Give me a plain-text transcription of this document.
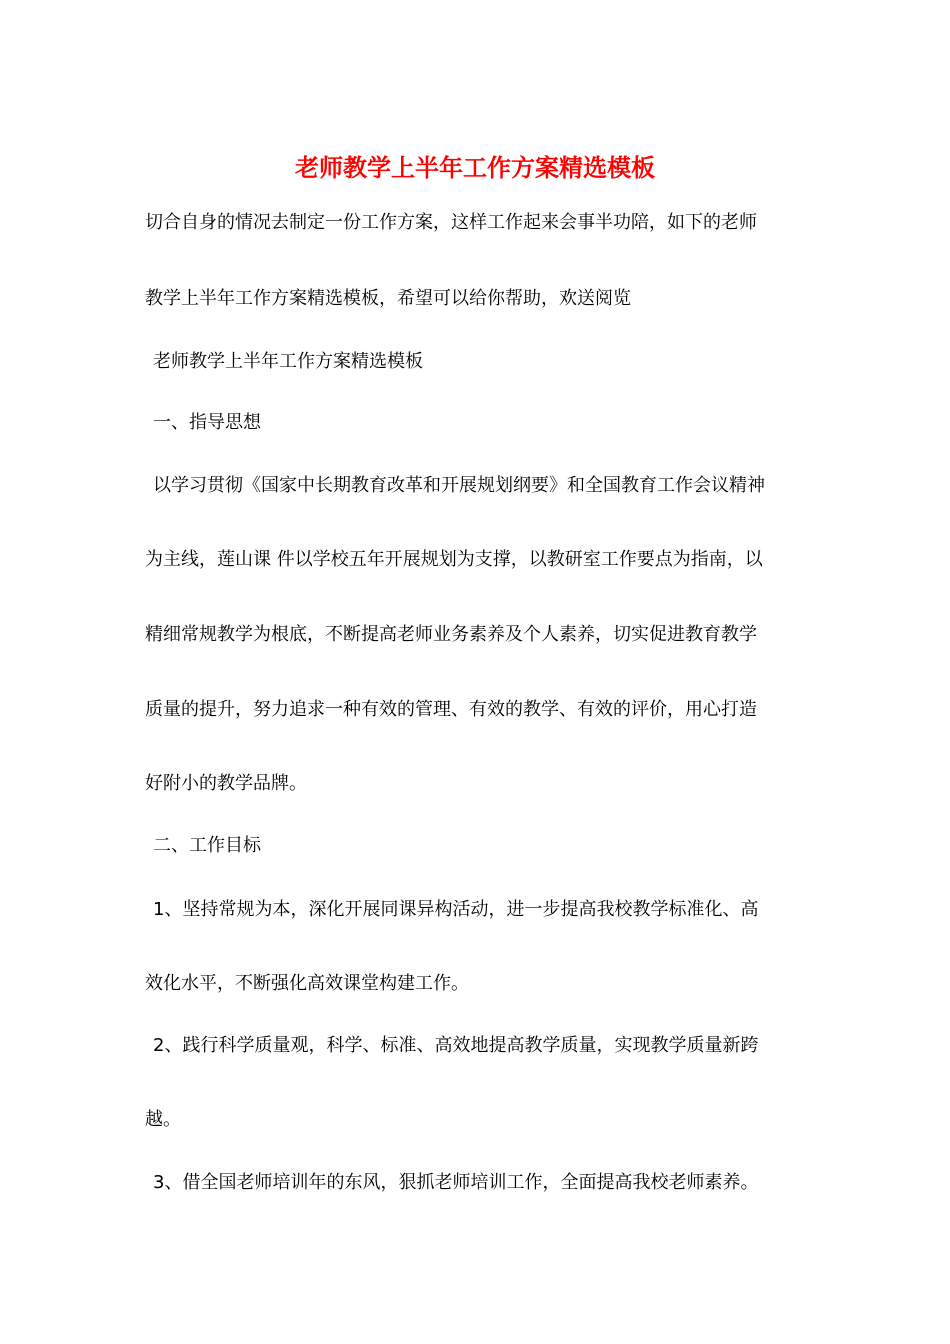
老师教学上半年工作方案精选模板
切合自身的情况去制定一份工作方案，这样工作起来会事半功陪，如下的老师
教学上半年工作方案精选模板，希望可以给你帮助，欢送阅览
老师教学上半年工作方案精选模板
一、指导思想
以学习贯彻《国家中长期教育改革和开展规划纲要》和全国教育工作会议精神
为主线，莲山课 件以学校五年开展规划为支撑，以教研室工作要点为指南，以
精细常规教学为根底，不断提高老师业务素养及个人素养，切实促进教育教学
质量的提升，努力追求一种有效的管理、有效的教学、有效的评价，用心打造
好附小的教学品牌。
二、工作目标
1、坚持常规为本，深化开展同课异构活动，进一步提高我校教学标准化、高
效化水平，不断强化高效课堂构建工作。
2、践行科学质量观，科学、标准、高效地提高教学质量，实现教学质量新跨
越。
3、借全国老师培训年的东风，狠抓老师培训工作，全面提高我校老师素养。
